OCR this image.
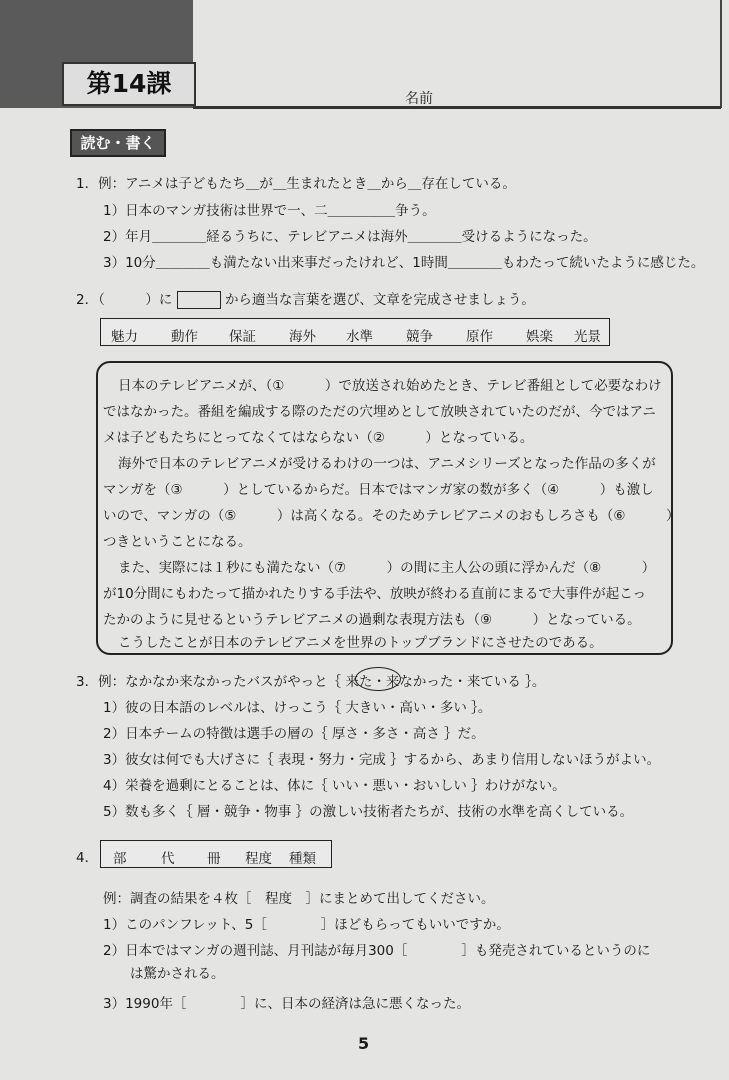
第14課
名前
読む・書く
1．例：アニメは子どもたち＿が＿生まれたとき＿から＿存在している。
1）日本のマンガ技術は世界で一、二＿＿＿＿＿争う。
2）年月＿＿＿＿経るうちに、テレビアニメは海外＿＿＿＿受けるようになった。
3）10分＿＿＿＿も満たない出来事だったけれど、1時間＿＿＿＿もわたって続いたように感じた。
2．（　　　）に	から適当な言葉を選び、文章を完成させましょう。
魅力 動作 保証 海外 水準 競争 原作 娯楽 光景
日本のテレビアニメが、（①　　　）で放送され始めたとき、テレビ番組として必要なわけ
ではなかった。番組を編成する際のただの穴埋めとして放映されていたのだが、今ではアニ
メは子どもたちにとってなくてはならない（②　　　）となっている。
海外で日本のテレビアニメが受けるわけの一つは、アニメシリーズとなった作品の多くが
マンガを（③　　　）としているからだ。日本ではマンガ家の数が多く（④　　　）も激し
いので、マンガの（⑤　　　）は高くなる。そのためテレビアニメのおもしろさも（⑥　　　）
つきということになる。
また、実際には１秒にも満たない（⑦　　　）の間に主人公の頭に浮かんだ（⑧　　　）
が10分間にもわたって描かれたりする手法や、放映が終わる直前にまるで大事件が起こっ
たかのように見せるというテレビアニメの過剰な表現方法も（⑨　　　）となっている。
こうしたことが日本のテレビアニメを世界のトップブランドにさせたのである。
3．例：なかなか来なかったバスがやっと｛ 来た・来なかった・来ている ｝。
1）彼の日本語のレベルは、けっこう｛ 大きい・高い・多い ｝。
2）日本チームの特徴は選手の層の｛ 厚さ・多さ・高さ ｝だ。
3）彼女は何でも大げさに｛ 表現・努力・完成 ｝するから、あまり信用しないほうがよい。
4）栄養を過剰にとることは、体に｛ いい・悪い・おいしい ｝わけがない。
5）数も多く｛ 層・競争・物事 ｝の激しい技術者たちが、技術の水準を高くしている。
4． 部	代 冊 程度 種類
例：調査の結果を４枚［　程度　］にまとめて出してください。
1）このパンフレット、5［　　　　］ほどもらってもいいですか。
2）日本ではマンガの週刊誌、月刊誌が毎月300［　　　　］も発売されているというのに
は驚かされる。
3）1990年［　　　　］に、日本の経済は急に悪くなった。
5
